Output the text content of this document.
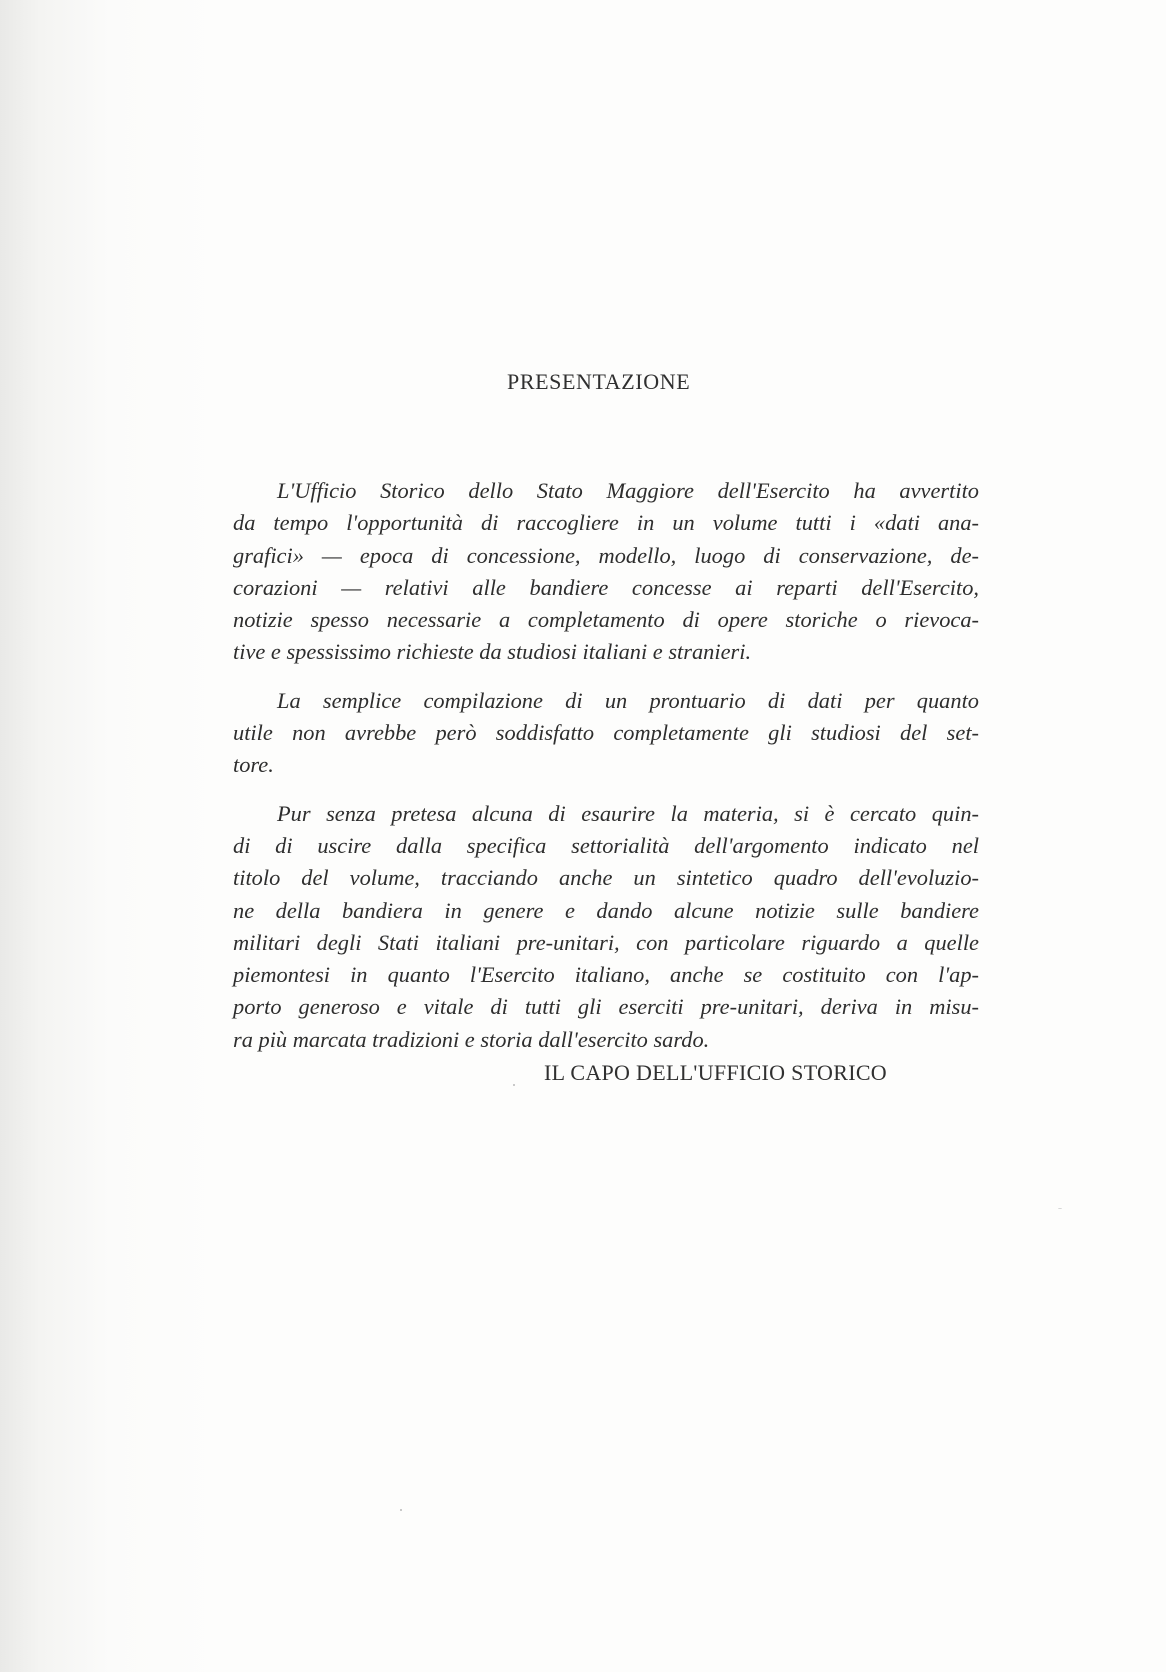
PRESENTAZIONE
L'Ufficio Storico dello Stato Maggiore dell'Esercito ha avvertito
da tempo l'opportunità di raccogliere in un volume tutti i «dati ana-
grafici» — epoca di concessione, modello, luogo di conservazione, de-
corazioni — relativi alle bandiere concesse ai reparti dell'Esercito,
notizie spesso necessarie a completamento di opere storiche o rievoca-
tive e spessissimo richieste da studiosi italiani e stranieri.
La semplice compilazione di un prontuario di dati per quanto
utile non avrebbe però soddisfatto completamente gli studiosi del set-
tore.
Pur senza pretesa alcuna di esaurire la materia, si è cercato quin-
di di uscire dalla specifica settorialità dell'argomento indicato nel
titolo del volume, tracciando anche un sintetico quadro dell'evoluzio-
ne della bandiera in genere e dando alcune notizie sulle bandiere
militari degli Stati italiani pre-unitari, con particolare riguardo a quelle
piemontesi in quanto l'Esercito italiano, anche se costituito con l'ap-
porto generoso e vitale di tutti gli eserciti pre-unitari, deriva in misu-
ra più marcata tradizioni e storia dall'esercito sardo.
IL CAPO DELL'UFFICIO STORICO
